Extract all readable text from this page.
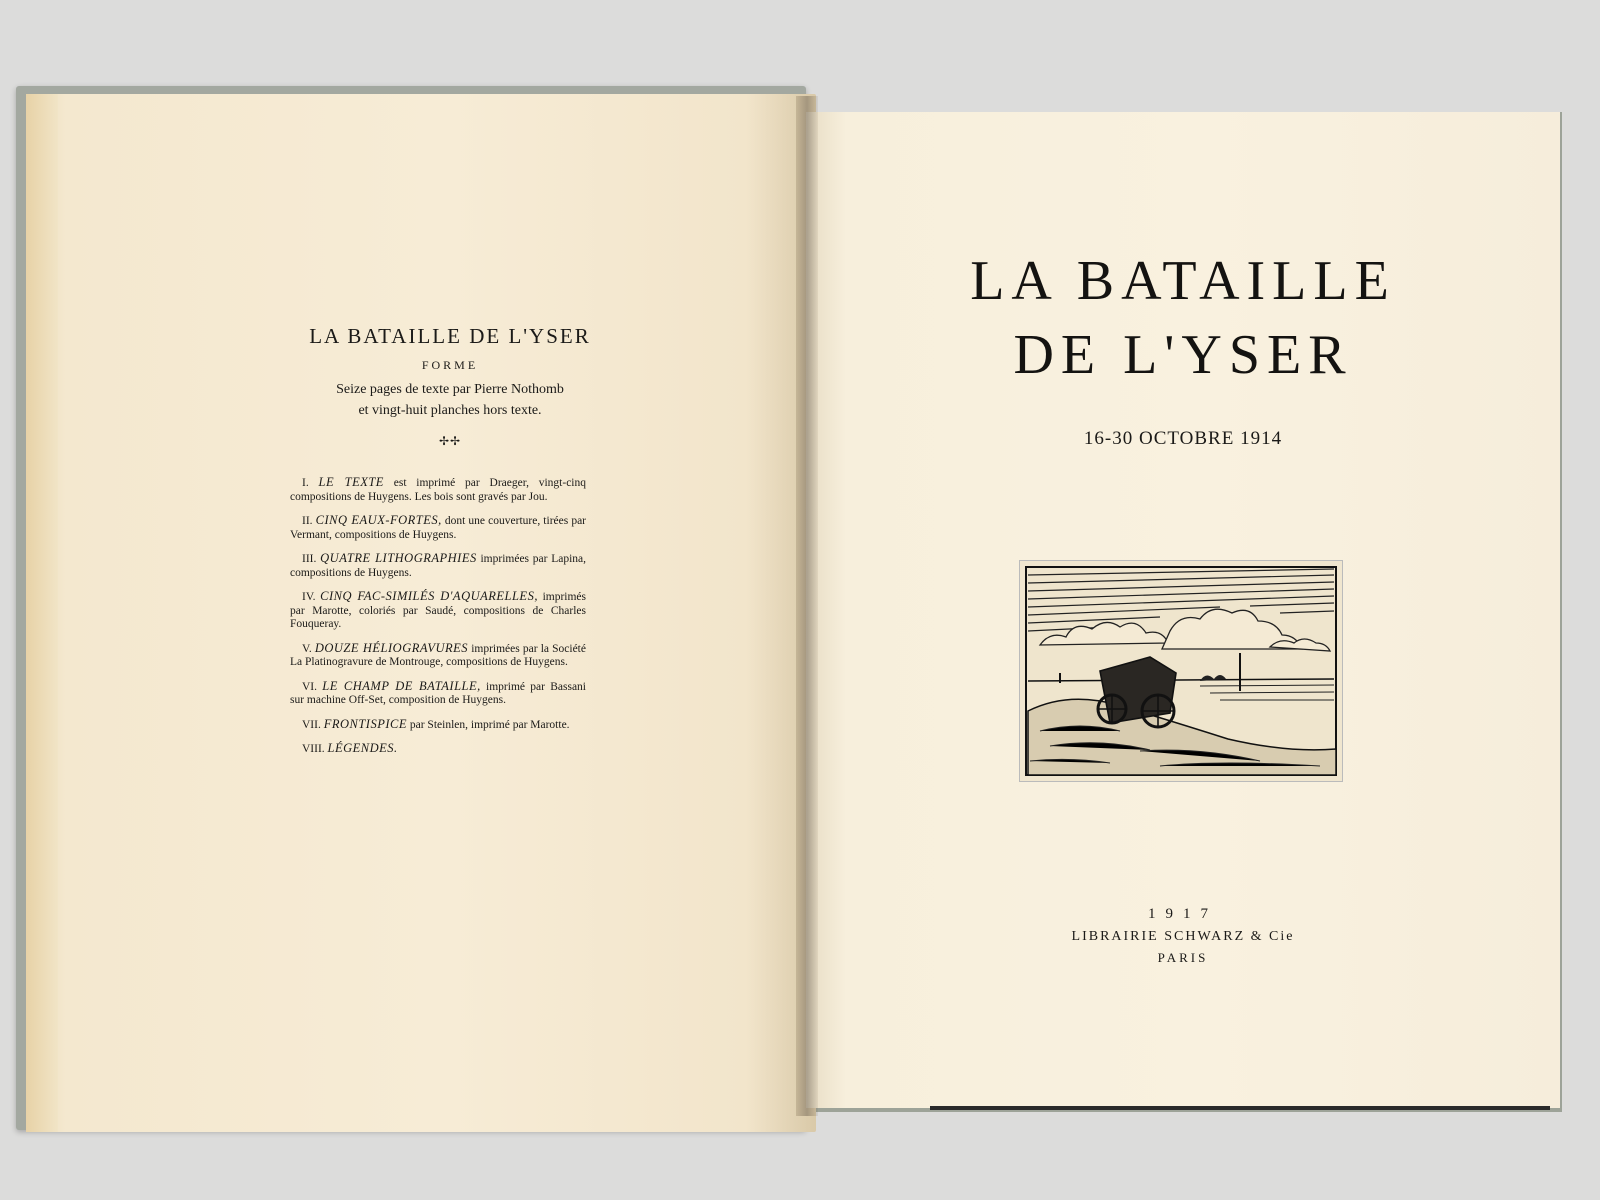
LA BATAILLE DE L'YSER
FORME
Seize pages de texte par Pierre Nothomb
et vingt-huit planches hors texte.
✢✢

I. LE TEXTE est imprimé par Draeger, vingt-cinq compositions de Huygens. Les bois sont gravés par Jou.

II. CINQ EAUX-FORTES, dont une couverture, tirées par Vermant, compositions de Huygens.

III. QUATRE LITHOGRAPHIES imprimées par Lapina, compositions de Huygens.

IV. CINQ FAC-SIMILÉS D'AQUARELLES, imprimés par Marotte, coloriés par Saudé, compositions de Charles Fouqueray.

V. DOUZE HÉLIOGRAVURES imprimées par la Société La Platinogravure de Montrouge, compositions de Huygens.

VI. LE CHAMP DE BATAILLE, imprimé par Bassani sur machine Off-Set, composition de Huygens.

VII. FRONTISPICE par Steinlen, imprimé par Marotte.

VIII. LÉGENDES.

LA BATAILLE
DE L'YSER
16-30 OCTOBRE 1914
1917
LIBRAIRIE SCHWARZ & Cie
PARIS
